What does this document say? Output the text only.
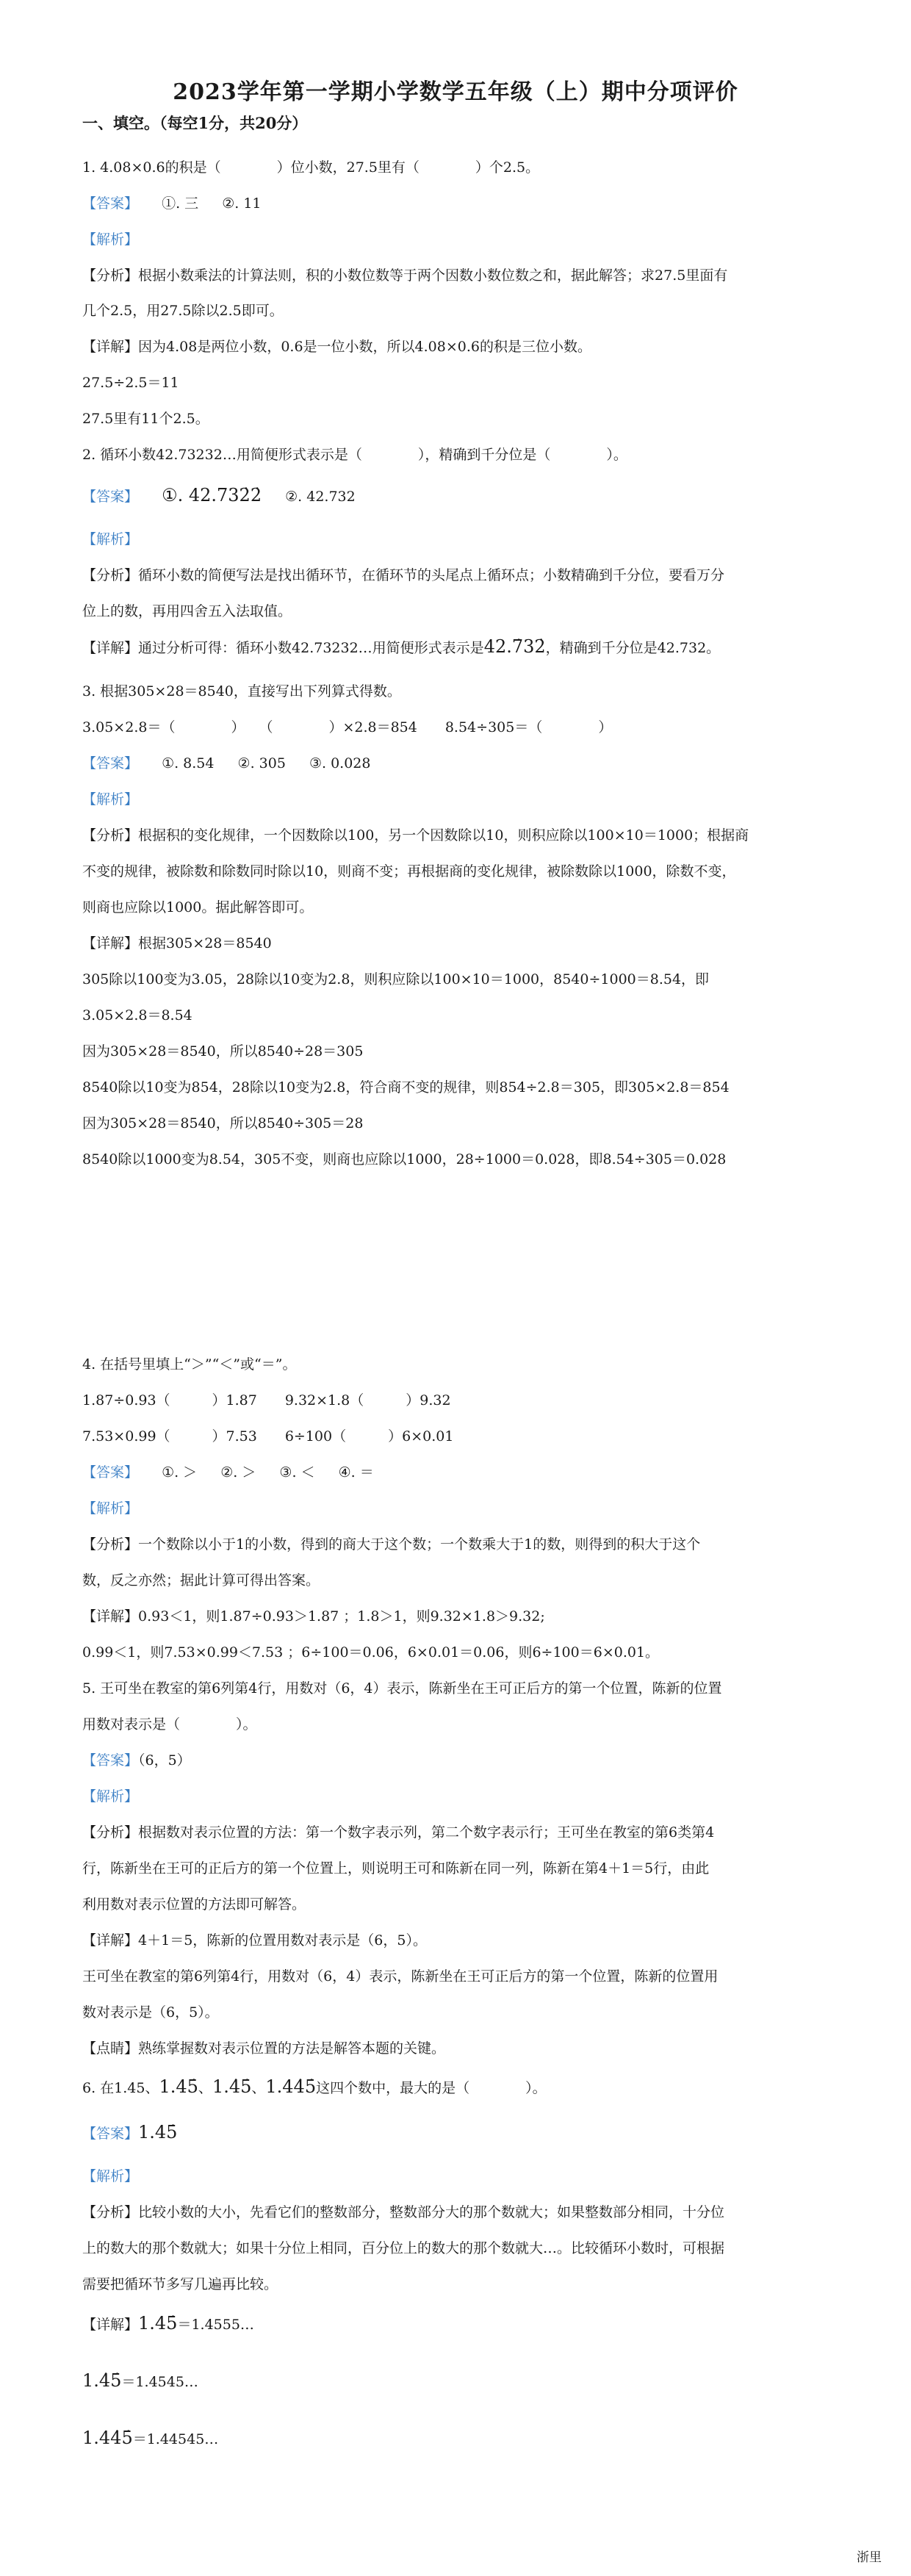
2023学年第一学期小学数学五年级（上）期中分项评价
一、填空。（每空1分，共20分）
1. 4.08×0.6的积是（　　　　）位小数，27.5里有（　　　　）个2.5。
【答案】 ①. 三 ②. 11
【解析】
【分析】根据小数乘法的计算法则，积的小数位数等于两个因数小数位数之和，据此解答；求27.5里面有
几个2.5，用27.5除以2.5即可。
【详解】因为4.08是两位小数，0.6是一位小数，所以4.08×0.6的积是三位小数。
27.5÷2.5＝11
27.5里有11个2.5。
2. 循环小数42.73232…用简便形式表示是（　　　　），精确到千分位是（　　　　）。
【答案】 ①. 42.732̇2̇ ②. 42.732
【解析】
【分析】循环小数的简便写法是找出循环节，在循环节的头尾点上循环点；小数精确到千分位，要看万分
位上的数，再用四舍五入法取值。
【详解】通过分析可得：循环小数42.73232…用简便形式表示是42.7̇32̇，精确到千分位是42.732。
3. 根据305×28＝8540，直接写出下列算式得数。
3.05×2.8＝（　　　　）　　（　　　　）×2.8＝854　　8.54÷305＝（　　　　）
【答案】 ①. 8.54 ②. 305 ③. 0.028
【解析】
【分析】根据积的变化规律，一个因数除以100，另一个因数除以10，则积应除以100×10＝1000；根据商
不变的规律，被除数和除数同时除以10，则商不变；再根据商的变化规律，被除数除以1000，除数不变，
则商也应除以1000。据此解答即可。
【详解】根据305×28＝8540
305除以100变为3.05，28除以10变为2.8，则积应除以100×10＝1000，8540÷1000＝8.54，即
3.05×2.8＝8.54
因为305×28＝8540，所以8540÷28＝305
8540除以10变为854，28除以10变为2.8，符合商不变的规律，则854÷2.8＝305，即305×2.8＝854
因为305×28＝8540，所以8540÷305＝28
8540除以1000变为8.54，305不变，则商也应除以1000，28÷1000＝0.028，即8.54÷305＝0.028
4. 在括号里填上“＞”“＜”或“＝”。
1.87÷0.93（　　　）1.87　　9.32×1.8（　　　）9.32
7.53×0.99（　　　）7.53　　6÷100（　　　）6×0.01
【答案】 ①. ＞ ②. ＞ ③. ＜ ④. ＝
【解析】
【分析】一个数除以小于1的小数，得到的商大于这个数；一个数乘大于1的数，则得到的积大于这个
数，反之亦然；据此计算可得出答案。
【详解】0.93＜1，则1.87÷0.93＞1.87 ；1.8＞1，则9.32×1.8＞9.32;
0.99＜1，则7.53×0.99＜7.53 ；6÷100＝0.06，6×0.01＝0.06，则6÷100＝6×0.01。
5. 王可坐在教室的第6列第4行，用数对（6，4）表示，陈新坐在王可正后方的第一个位置，陈新的位置
用数对表示是（　　　　）。
【答案】（6，5）
【解析】
【分析】根据数对表示位置的方法：第一个数字表示列，第二个数字表示行；王可坐在教室的第6类第4
行，陈新坐在王可的正后方的第一个位置上，则说明王可和陈新在同一列，陈新在第4＋1＝5行，由此
利用数对表示位置的方法即可解答。
【详解】4＋1＝5，陈新的位置用数对表示是（6，5）。
王可坐在教室的第6列第4行，用数对（6，4）表示，陈新坐在王可正后方的第一个位置，陈新的位置用
数对表示是（6，5）。
【点睛】熟练掌握数对表示位置的方法是解答本题的关键。
6. 在1.45、1.45̇、1.4̇5̇、1.44̇5̇这四个数中，最大的是（　　　　）。
【答案】1.45̇
【解析】
【分析】比较小数的大小，先看它们的整数部分，整数部分大的那个数就大；如果整数部分相同，十分位
上的数大的那个数就大；如果十分位上相同，百分位上的数大的那个数就大…。比较循环小数时，可根据
需要把循环节多写几遍再比较。
【详解】1.45̇＝1.4555…
1.4̇5̇＝1.4545…
1.44̇5̇＝1.44545…
浙里
